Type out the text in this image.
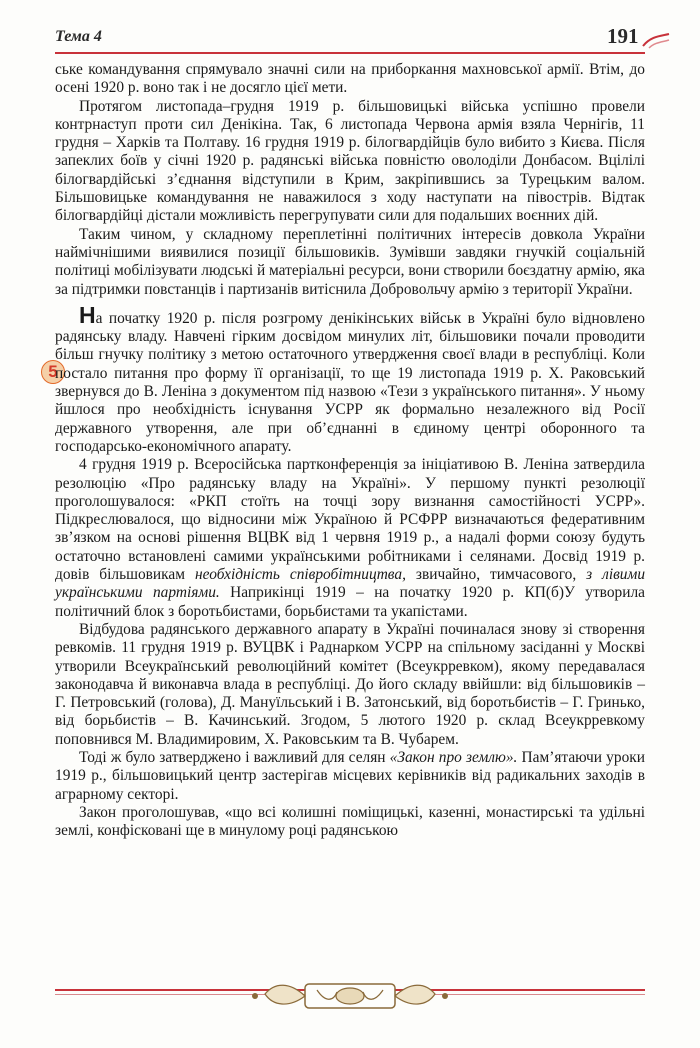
Тема 4	191
5

ське командування спрямувало значні сили на приборкання махновської армії. Втім, до осені 1920 р. воно так і не досягло цієї мети.

Протягом листопада–грудня 1919 р. більшовицькі війська успішно провели контрнаступ проти сил Денікіна. Так, 6 листопада Червона армія взяла Чернігів, 11 грудня – Харків та Полтаву. 16 грудня 1919 р. білогвардійців було вибито з Києва. Після запеклих боїв у січні 1920 р. радянські війська повністю оволоділи Донбасом. Вцілілі білогвардійські з’єднання відступили в Крим, закріпившись за Турецьким валом. Більшовицьке командування не наважилося з ходу наступати на півострів. Відтак білогвардійці дістали можливість перегрупувати сили для подальших воєнних дій.

Таким чином, у складному переплетінні політичних інтересів довкола України наймічнішими виявилися позиції більшовиків. Зумівши завдяки гнучкій соціальній політиці мобілізувати людські й матеріальні ресурси, вони створили боєздатну армію, яка за підтримки повстанців і партизанів витіснила Добровольчу армію з території України.

На початку 1920 р. після розгрому денікінських військ в Україні було відновлено радянську владу. Навчені гірким досвідом минулих літ, більшовики почали проводити більш гнучку політику з метою остаточного утвердження своєї влади в республіці. Коли постало питання про форму її організації, то ще 19 листопада 1919 р. Х. Раковський звернувся до В. Леніна з документом під назвою «Тези з українського питання». У ньому йшлося про необхідність існування УСРР як формально незалежного від Росії державного утворення, але при об’єднанні в єдиному центрі оборонного та господарсько-економічного апарату.

4 грудня 1919 р. Всеросійська партконференція за ініціативою В. Леніна затвердила резолюцію «Про радянську владу на Україні». У першому пункті резолюції проголошувалося: «РКП стоїть на точці зору визнання самостійності УСРР». Підкреслювалося, що відносини між Україною й РСФРР визначаються федеративним зв’язком на основі рішення ВЦВК від 1 червня 1919 р., а надалі форми союзу будуть остаточно встановлені самими українськими робітниками і селянами. Досвід 1919 р. довів більшовикам необхідність співробітництва, звичайно, тимчасового, з лівими українськими партіями. Наприкінці 1919 – на початку 1920 р. КП(б)У утворила політичний блок з боротьбистами, борьбистами та укапістами.

Відбудова радянського державного апарату в Україні починалася знову зі створення ревкомів. 11 грудня 1919 р. ВУЦВК і Раднарком УСРР на спільному засіданні у Москві утворили Всеукраїнський революційний комітет (Всеукрревком), якому передавалася законодавча й виконавча влада в республіці. До його складу ввійшли: від більшовиків – Г. Петровський (голова), Д. Мануїльський і В. Затонський, від боротьбистів – Г. Гринько, від борьбистів – В. Качинський. Згодом, 5 лютого 1920 р. склад Всеукрревкому поповнився М. Владимировим, Х. Раковським та В. Чубарем.

Тоді ж було затверджено і важливий для селян «Закон про землю». Пам’ятаючи уроки 1919 р., більшовицький центр застерігав місцевих керівників від радикальних заходів в аграрному секторі.

Закон проголошував, «що всі колишні поміщицькі, казенні, монастирські та удільні землі, конфісковані ще в минулому році радянською
